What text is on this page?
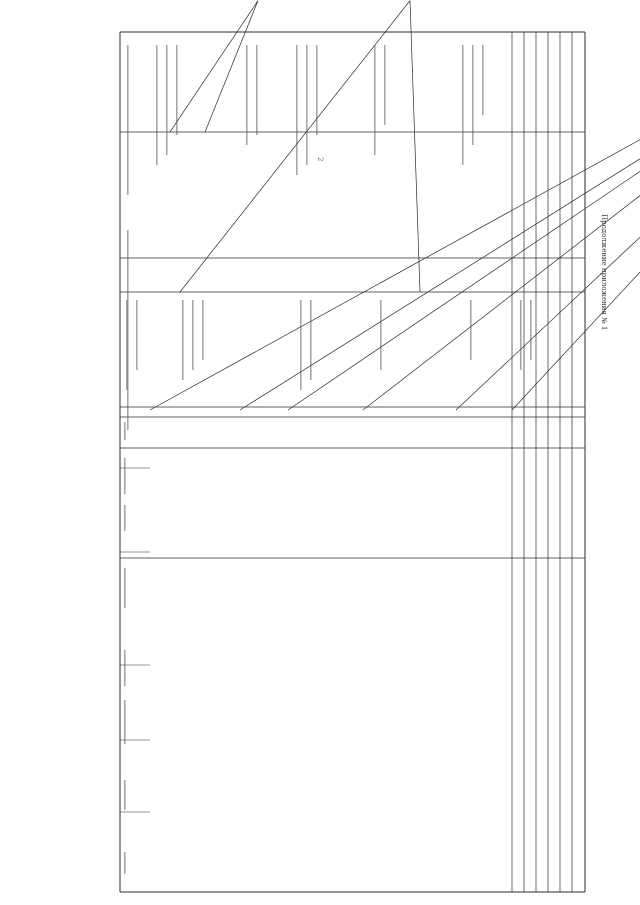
Продолжение приложения № 1
2
